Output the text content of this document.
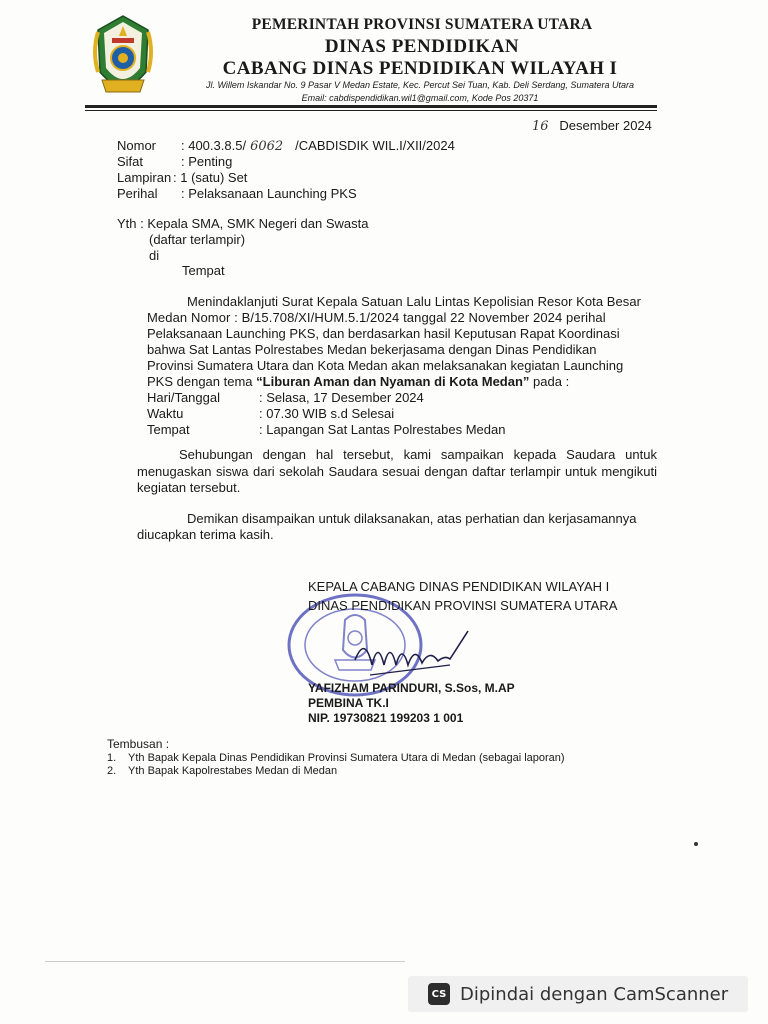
PEMERINTAH PROVINSI SUMATERA UTARA
DINAS PENDIDIKAN
CABANG DINAS PENDIDIKAN WILAYAH I
Jl. Willem Iskandar No. 9 Pasar V Medan Estate, Kec. Percut Sei Tuan, Kab. Deli Serdang, Sumatera Utara
Email: cabdispendidikan.wil1@gmail.com, Kode Pos 20371
16 Desember 2024
Nomor : 400.3.8.5/ 6062 /CABDISDIK WIL.I/XII/2024
Sifat	: Penting
Lampiran : 1 (satu) Set
Perihal : Pelaksanaan Launching PKS
Yth : Kepala SMA, SMK Negeri dan Swasta
(daftar terlampir)
di
Tempat
Menindaklanjuti Surat Kepala Satuan Lalu Lintas Kepolisian Resor Kota Besar
Medan Nomor : B/15.708/XI/HUM.5.1/2024 tanggal 22 November 2024 perihal
Pelaksanaan Launching PKS, dan berdasarkan hasil Keputusan Rapat Koordinasi
bahwa Sat Lantas Polrestabes Medan bekerjasama dengan Dinas Pendidikan
Provinsi Sumatera Utara dan Kota Medan akan melaksanakan kegiatan Launching
PKS dengan tema “Liburan Aman dan Nyaman di Kota Medan” pada :
Hari/Tanggal	: Selasa, 17 Desember 2024
Waktu	: 07.30 WIB s.d Selesai
Tempat	: Lapangan Sat Lantas Polrestabes Medan
Sehubungan dengan hal tersebut, kami sampaikan kepada Saudara untuk menugaskan siswa dari sekolah Saudara sesuai dengan daftar terlampir untuk mengikuti kegiatan tersebut.
Demikan disampaikan untuk dilaksanakan, atas perhatian dan kerjasamannya
diucapkan terima kasih.
KEPALA CABANG DINAS PENDIDIKAN WILAYAH I
DINAS PENDIDIKAN PROVINSI SUMATERA UTARA
YAFIZHAM PARINDURI, S.Sos, M.AP
PEMBINA TK.I
NIP. 19730821 199203 1 001
Tembusan :
1. Yth Bapak Kepala Dinas Pendidikan Provinsi Sumatera Utara di Medan (sebagai laporan)
2. Yth Bapak Kapolrestabes Medan di Medan
CS Dipindai dengan CamScanner
